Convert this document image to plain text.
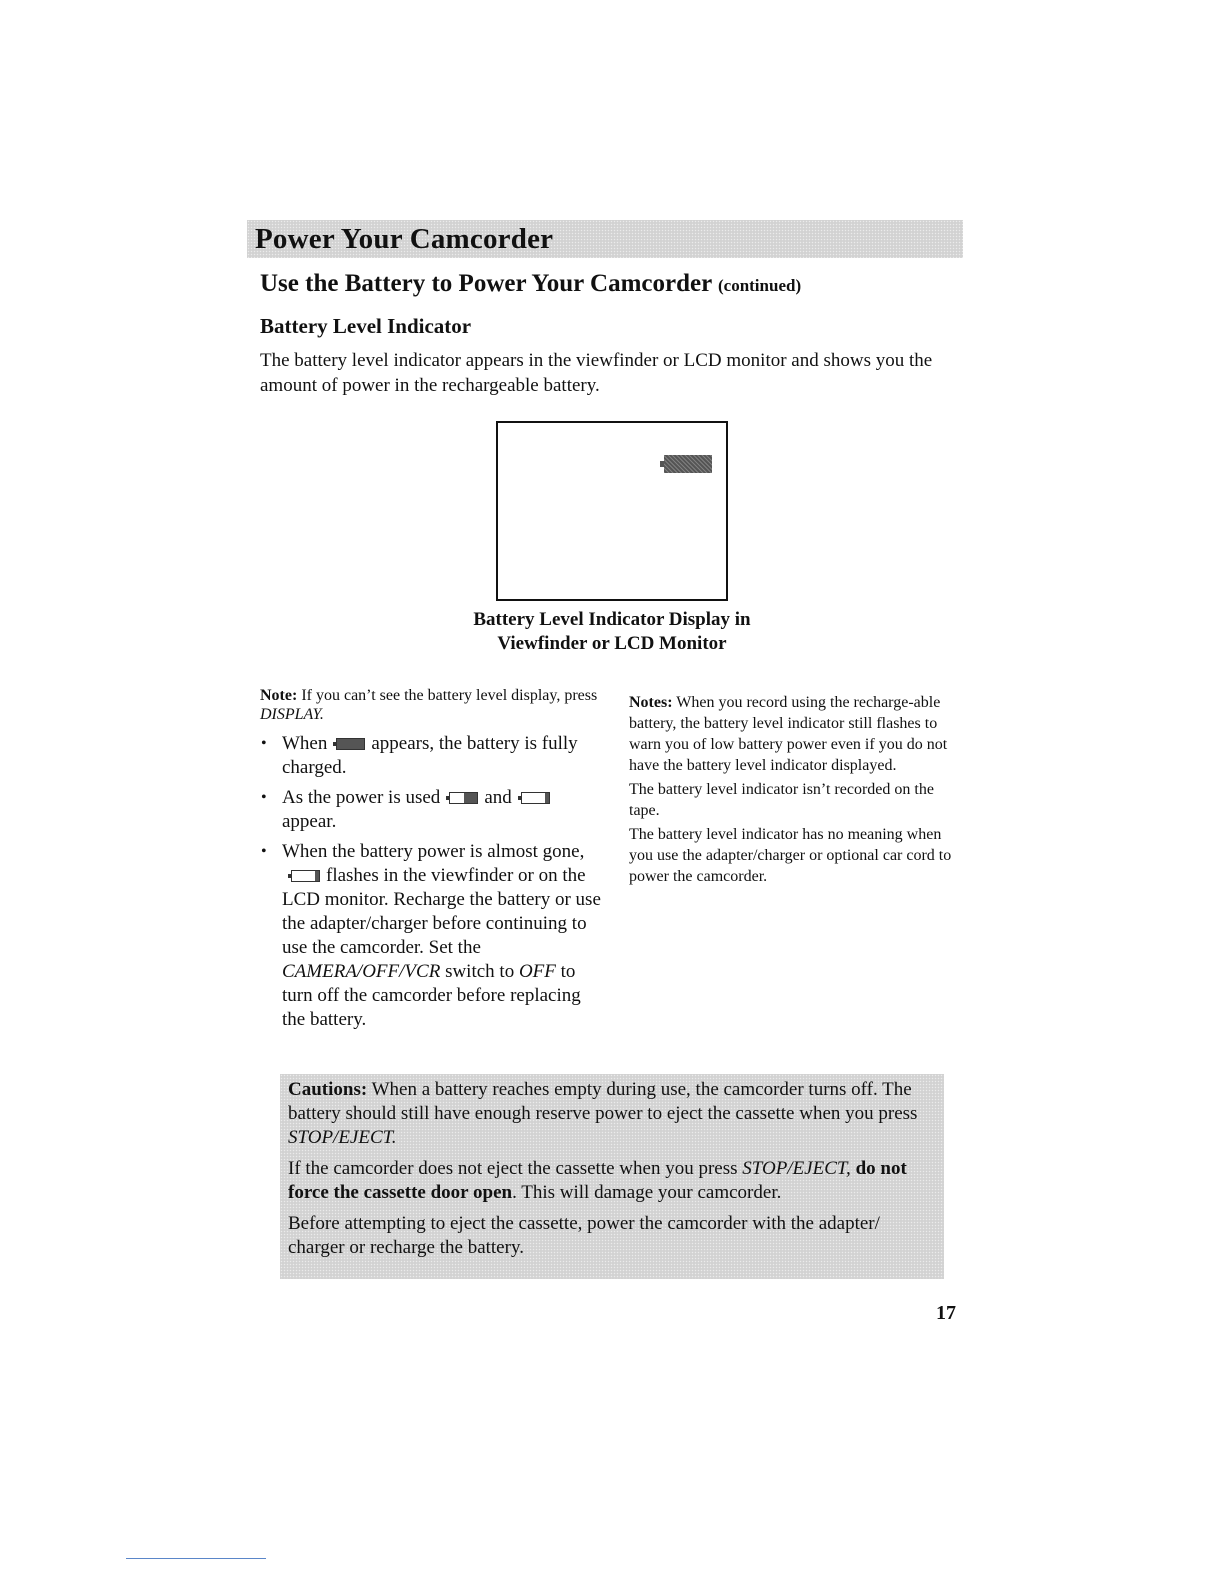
Power Your Camcorder
Use the Battery to Power Your Camcorder (continued)
Battery Level Indicator

The battery level indicator appears in the viewfinder or LCD monitor and shows you the amount of power in the rechargeable battery.

Battery Level Indicator Display in
Viewfinder or LCD Monitor

Note: If you can’t see the battery level display, press DISPLAY.

• When appears, the battery is fully charged.
• As the power is used and
appear.
• When the battery power is almost gone,
flashes in the viewfinder or on the LCD monitor. Recharge the battery or use the adapter/charger before continuing to use the camcorder. Set the CAMERA/OFF/VCR switch to OFF to turn off the camcorder before replacing the battery.

Notes: When you record using the recharge-able battery, the battery level indicator still flashes to warn you of low battery power even if you do not have the battery level indicator displayed.

The battery level indicator isn’t recorded on the tape.

The battery level indicator has no meaning when you use the adapter/charger or optional car cord to power the camcorder.

Cautions: When a battery reaches empty during use, the camcorder turns off. The battery should still have enough reserve power to eject the cassette when you press STOP/EJECT.

If the camcorder does not eject the cassette when you press STOP/EJECT, do not force the cassette door open. This will damage your camcorder.

Before attempting to eject the cassette, power the camcorder with the adapter/ charger or recharge the battery.

17
